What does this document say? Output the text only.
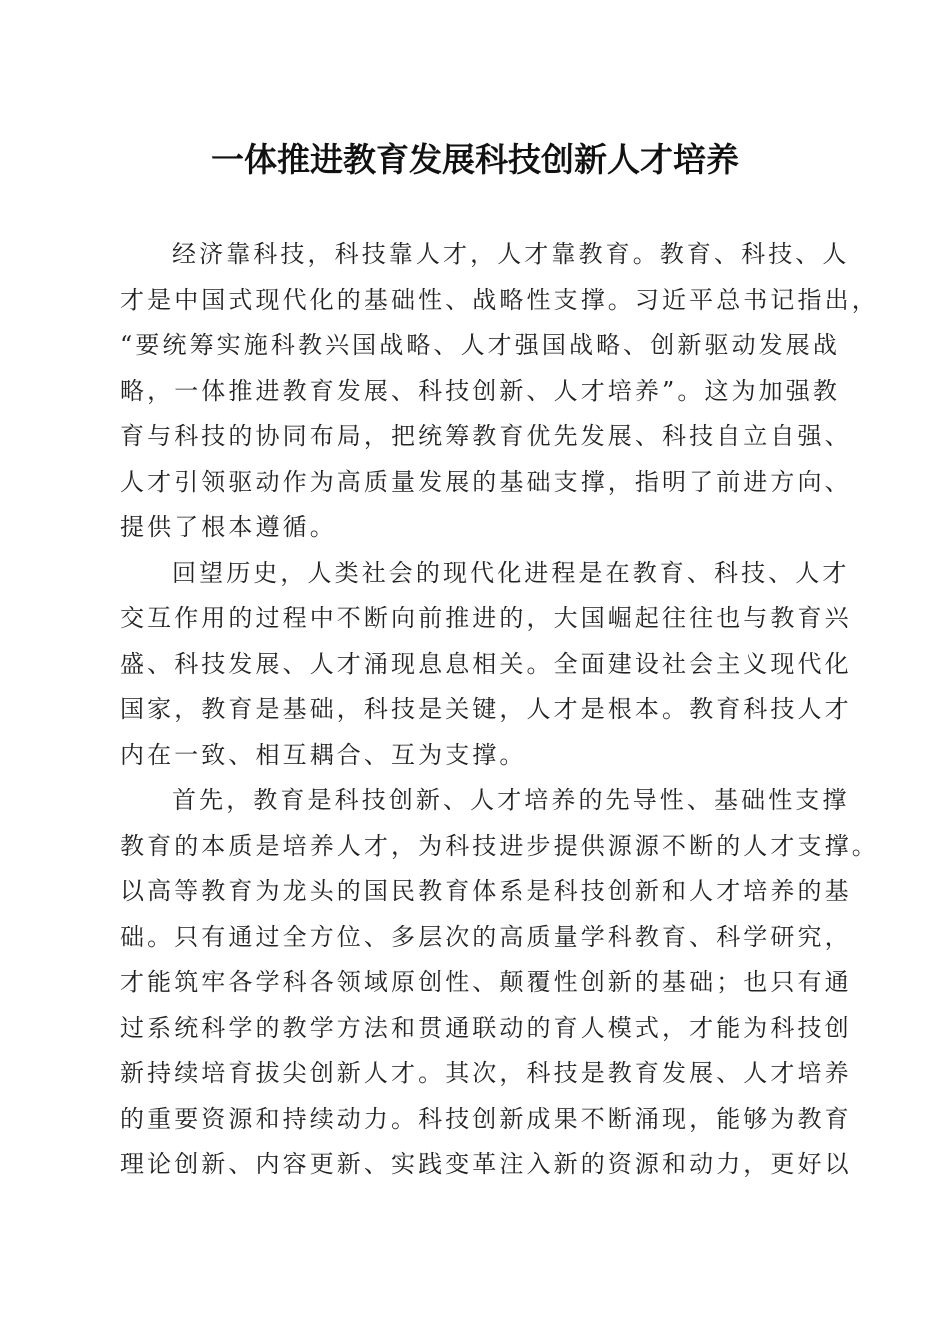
一体推进教育发展科技创新人才培养
经济靠科技，科技靠人才，人才靠教育。教育、科技、人
才是中国式现代化的基础性、战略性支撑。习近平总书记指出，
“要统筹实施科教兴国战略、人才强国战略、创新驱动发展战
略，一体推进教育发展、科技创新、人才培养”。这为加强教
育与科技的协同布局，把统筹教育优先发展、科技自立自强、
人才引领驱动作为高质量发展的基础支撑，指明了前进方向、
提供了根本遵循。
回望历史，人类社会的现代化进程是在教育、科技、人才
交互作用的过程中不断向前推进的，大国崛起往往也与教育兴
盛、科技发展、人才涌现息息相关。全面建设社会主义现代化
国家，教育是基础，科技是关键，人才是根本。教育科技人才
内在一致、相互耦合、互为支撑。
首先，教育是科技创新、人才培养的先导性、基础性支撑
教育的本质是培养人才，为科技进步提供源源不断的人才支撑。
以高等教育为龙头的国民教育体系是科技创新和人才培养的基
础。只有通过全方位、多层次的高质量学科教育、科学研究，
才能筑牢各学科各领域原创性、颠覆性创新的基础；也只有通
过系统科学的教学方法和贯通联动的育人模式，才能为科技创
新持续培育拔尖创新人才。其次，科技是教育发展、人才培养
的重要资源和持续动力。科技创新成果不断涌现，能够为教育
理论创新、内容更新、实践变革注入新的资源和动力，更好以
